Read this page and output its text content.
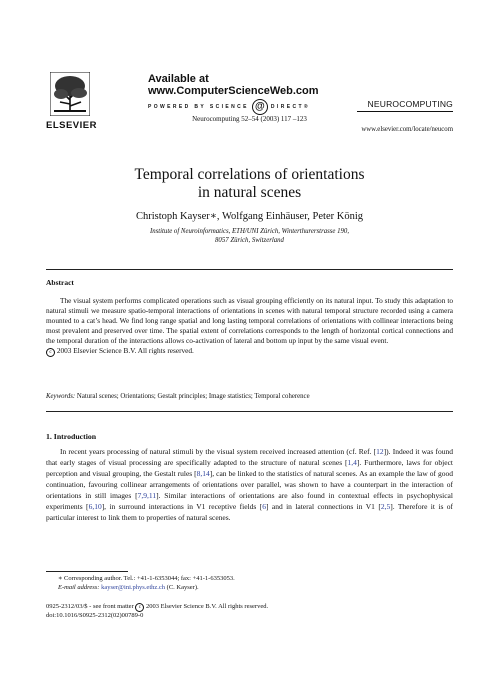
ELSEVIER
Available at
www.ComputerScienceWeb.com
POWERED BY SCIENCE @	DIRECT®	NEUROCOMPUTING
Neurocomputing 52–54 (2003) 117 –123
www.elsevier.com/locate/neucom
Temporal correlations of orientations
in natural scenes
Christoph Kayser∗, Wolfgang Einhäuser, Peter König
Institute of Neuroinformatics, ETH/UNI Zürich, Winterthurerstrasse 190,
8057 Zürich, Switzerland
Abstract
The visual system performs complicated operations such as visual grouping efficiently on its natural input. To study this adaptation to natural stimuli we measure spatio-temporal interactions of orientations in scenes with natural temporal structure recorded using a camera mounted to a cat’s head. We find long range spatial and long lasting temporal correlations of orientations with collinear interactions being most prevalent and preserved over time. The spatial extent of correlations corresponds to the length of horizontal cortical connections and the temporal duration of the interactions allows co-activation of lateral and bottom up input by the same visual event.
c 2003 Elsevier Science B.V. All rights reserved.
Keywords: Natural scenes; Orientations; Gestalt principles; Image statistics; Temporal coherence
1. Introduction
In recent years processing of natural stimuli by the visual system received increased attention (cf. Ref. [12]). Indeed it was found that early stages of visual processing are specifically adapted to the structure of natural scenes [1,4]. Furthermore, laws for object perception and visual grouping, the Gestalt rules [8,14], can be linked to the statistics of natural scenes. As an example the law of good continuation, favouring collinear arrangements of orientations over parallel, was shown to have a counterpart in the interaction of orientations in still images [7,9,11]. Similar interactions of orientations are also found in contextual effects in psychophysical experiments [6,10], in surround interactions in V1 receptive fields [6] and in lateral connections in V1 [2,5]. Therefore it is of particular interest to link them to properties of natural scenes.
∗ Corresponding author. Tel.: +41-1-6353044; fax: +41-1-6353053.
E-mail address: kayser@ini.phys.ethz.ch (C. Kayser).
0925-2312/03/$ - see front matter c 2003 Elsevier Science B.V. All rights reserved.
doi:10.1016/S0925-2312(02)00789-0
